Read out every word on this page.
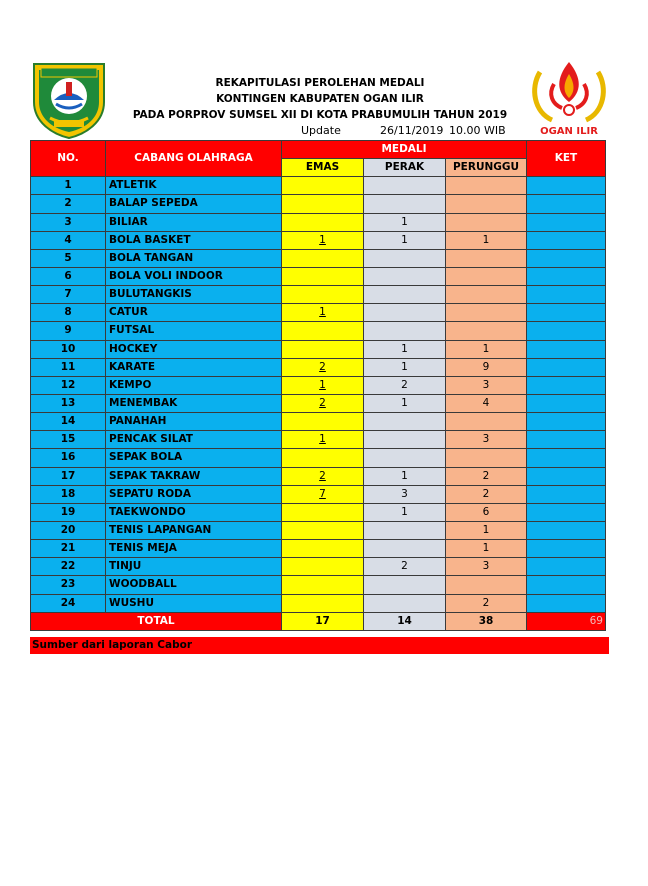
OGAN ILIR
REKAPITULASI PEROLEHAN MEDALI
KONTINGEN KABUPATEN OGAN ILIR
PADA PORPROV SUMSEL XII DI KOTA PRABUMULIH TAHUN 2019
Update	26/11/2019 10.00 WIB
NO.	CABANG OLAHRAGA	MEDALI			KET
		EMAS	PERAK	PERUNGGU	
1	ATLETIK				
2	BALAP SEPEDA				
3	BILIAR		1		
4	BOLA BASKET	1	1	1	
5	BOLA TANGAN				
6	BOLA VOLI INDOOR				
7	BULUTANGKIS				
8	CATUR	1			
9	FUTSAL				
10	HOCKEY		1	1	
11	KARATE	2	1	9	
12	KEMPO	1	2	3	
13	MENEMBAK	2	1	4	
14	PANAHAH				
15	PENCAK SILAT	1		3	
16	SEPAK BOLA				
17	SEPAK TAKRAW	2	1	2	
18	SEPATU RODA	7	3	2	
19	TAEKWONDO		1	6	
20	TENIS LAPANGAN			1	
21	TENIS MEJA			1	
22	TINJU		2	3	
23	WOODBALL				
24	WUSHU			2	
TOTAL		17	14	38	69
Sumber dari laporan Cabor
